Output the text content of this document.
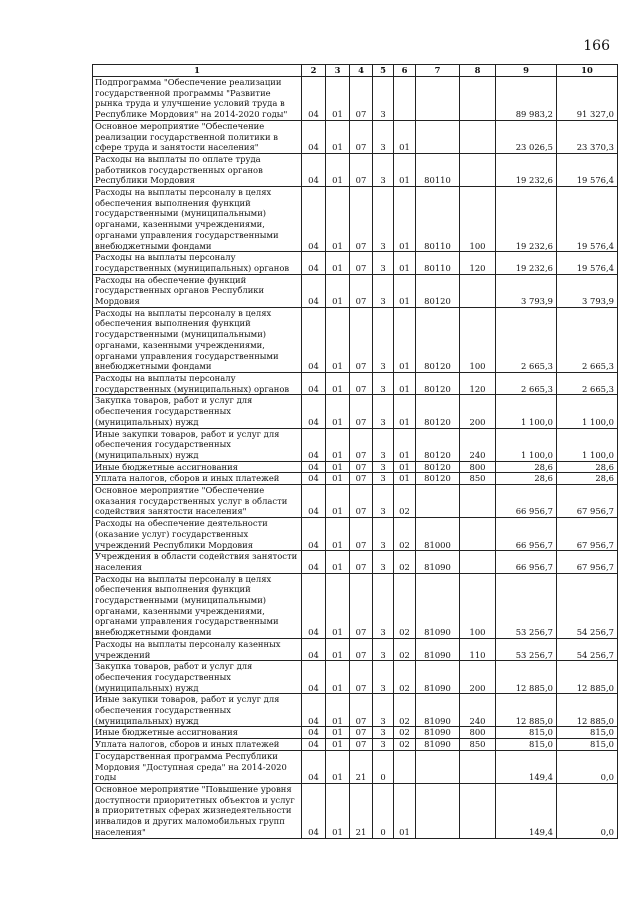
166
1	2	3	4	5	6	7	8	9	10
Подпрограмма "Обеспечение реализации государственной программы "Развитие рынка труда и улучшение условий труда в Республике Мордовия" на 2014-2020 годы"	04	01	07	3				89 983,2	91 327,0
Основное мероприятие "Обеспечение реализации государственной политики в сфере труда и занятости населения"	04	01	07	3	01			23 026,5	23 370,3
Расходы на выплаты по оплате труда работников государственных органов Республики Мордовия	04	01	07	3	01	80110		19 232,6	19 576,4
Расходы на выплаты персоналу в целях обеспечения выполнения функций государственными (муниципальными) органами, казенными учреждениями, органами управления государственными внебюджетными фондами	04	01	07	3	01	80110	100	19 232,6	19 576,4
Расходы на выплаты персоналу государственных (муниципальных) органов	04	01	07	3	01	80110	120	19 232,6	19 576,4
Расходы на обеспечение функций государственных органов Республики Мордовия	04	01	07	3	01	80120		3 793,9	3 793,9
Расходы на выплаты персоналу в целях обеспечения выполнения функций государственными (муниципальными) органами, казенными учреждениями, органами управления государственными внебюджетными фондами	04	01	07	3	01	80120	100	2 665,3	2 665,3
Расходы на выплаты персоналу государственных (муниципальных) органов	04	01	07	3	01	80120	120	2 665,3	2 665,3
Закупка товаров, работ и услуг для обеспечения государственных (муниципальных) нужд	04	01	07	3	01	80120	200	1 100,0	1 100,0
Иные закупки товаров, работ и услуг для обеспечения государственных (муниципальных) нужд	04	01	07	3	01	80120	240	1 100,0	1 100,0
Иные бюджетные ассигнования	04	01	07	3	01	80120	800	28,6	28,6
Уплата налогов, сборов и иных платежей	04	01	07	3	01	80120	850	28,6	28,6
Основное мероприятие "Обеспечение оказания государственных услуг в области содействия занятости населения"	04	01	07	3	02			66 956,7	67 956,7
Расходы на обеспечение деятельности (оказание услуг) государственных учреждений Республики Мордовия	04	01	07	3	02	81000		66 956,7	67 956,7
Учреждения в области содействия занятости населения	04	01	07	3	02	81090		66 956,7	67 956,7
Расходы на выплаты персоналу в целях обеспечения выполнения функций государственными (муниципальными) органами, казенными учреждениями, органами управления государственными внебюджетными фондами	04	01	07	3	02	81090	100	53 256,7	54 256,7
Расходы на выплаты персоналу казенных учреждений	04	01	07	3	02	81090	110	53 256,7	54 256,7
Закупка товаров, работ и услуг для обеспечения государственных (муниципальных) нужд	04	01	07	3	02	81090	200	12 885,0	12 885,0
Иные закупки товаров, работ и услуг для обеспечения государственных (муниципальных) нужд	04	01	07	3	02	81090	240	12 885,0	12 885,0
Иные бюджетные ассигнования	04	01	07	3	02	81090	800	815,0	815,0
Уплата налогов, сборов и иных платежей	04	01	07	3	02	81090	850	815,0	815,0
Государственная программа Республики Мордовия "Доступная среда" на 2014-2020 годы	04	01	21	0				149,4	0,0
Основное мероприятие "Повышение уровня доступности приоритетных объектов и услуг в приоритетных сферах жизнедеятельности инвалидов и других маломобильных групп населения"	04	01	21	0	01			149,4	0,0
